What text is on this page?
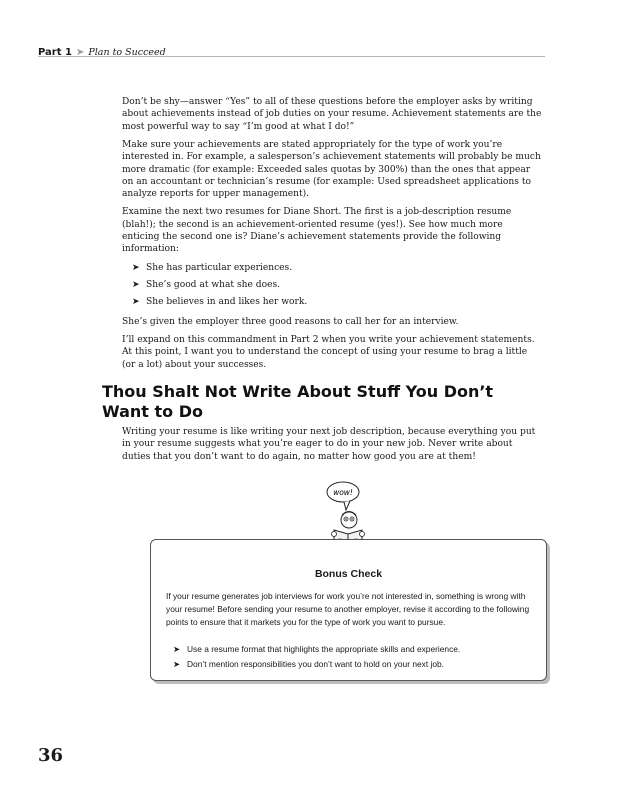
Part 1 ➤ Plan to Succeed

Don’t be shy—answer “Yes” to all of these questions before the employer asks by writing about achievements instead of job duties on your resume. Achievement statements are the most powerful way to say “I’m good at what I do!”

Make sure your achievements are stated appropriately for the type of work you’re interested in. For example, a salesperson’s achievement statements will probably be much more dramatic (for example: Exceeded sales quotas by 300%) than the ones that appear on an accountant or technician’s resume (for example: Used spreadsheet applications to analyze reports for upper management).

Examine the next two resumes for Diane Short. The first is a job-description resume (blah!); the second is an achievement-oriented resume (yes!). See how much more enticing the second one is? Diane’s achievement statements provide the following information:

➤ She has particular experiences.
➤ She’s good at what she does.
➤ She believes in and likes her work.

She’s given the employer three good reasons to call her for an interview.

I’ll expand on this commandment in Part 2 when you write your achievement statements. At this point, I want you to understand the concept of using your resume to brag a little (or a lot) about your successes.

Thou Shalt Not Write About Stuff You Don’t Want to Do

Writing your resume is like writing your next job description, because everything you put in your resume suggests what you’re eager to do in your new job. Never write about duties that you don’t want to do again, no matter how good you are at them!

wow!
Bonus Check
If your resume generates job interviews for work you’re not interested in, something is wrong with your resume! Before sending your resume to another employer, revise it according to the following points to ensure that it markets you for the type of work you want to pursue.
➤ Use a resume format that highlights the appropriate skills and experience.
➤ Don’t mention responsibilities you don’t want to hold on your next job.
36
